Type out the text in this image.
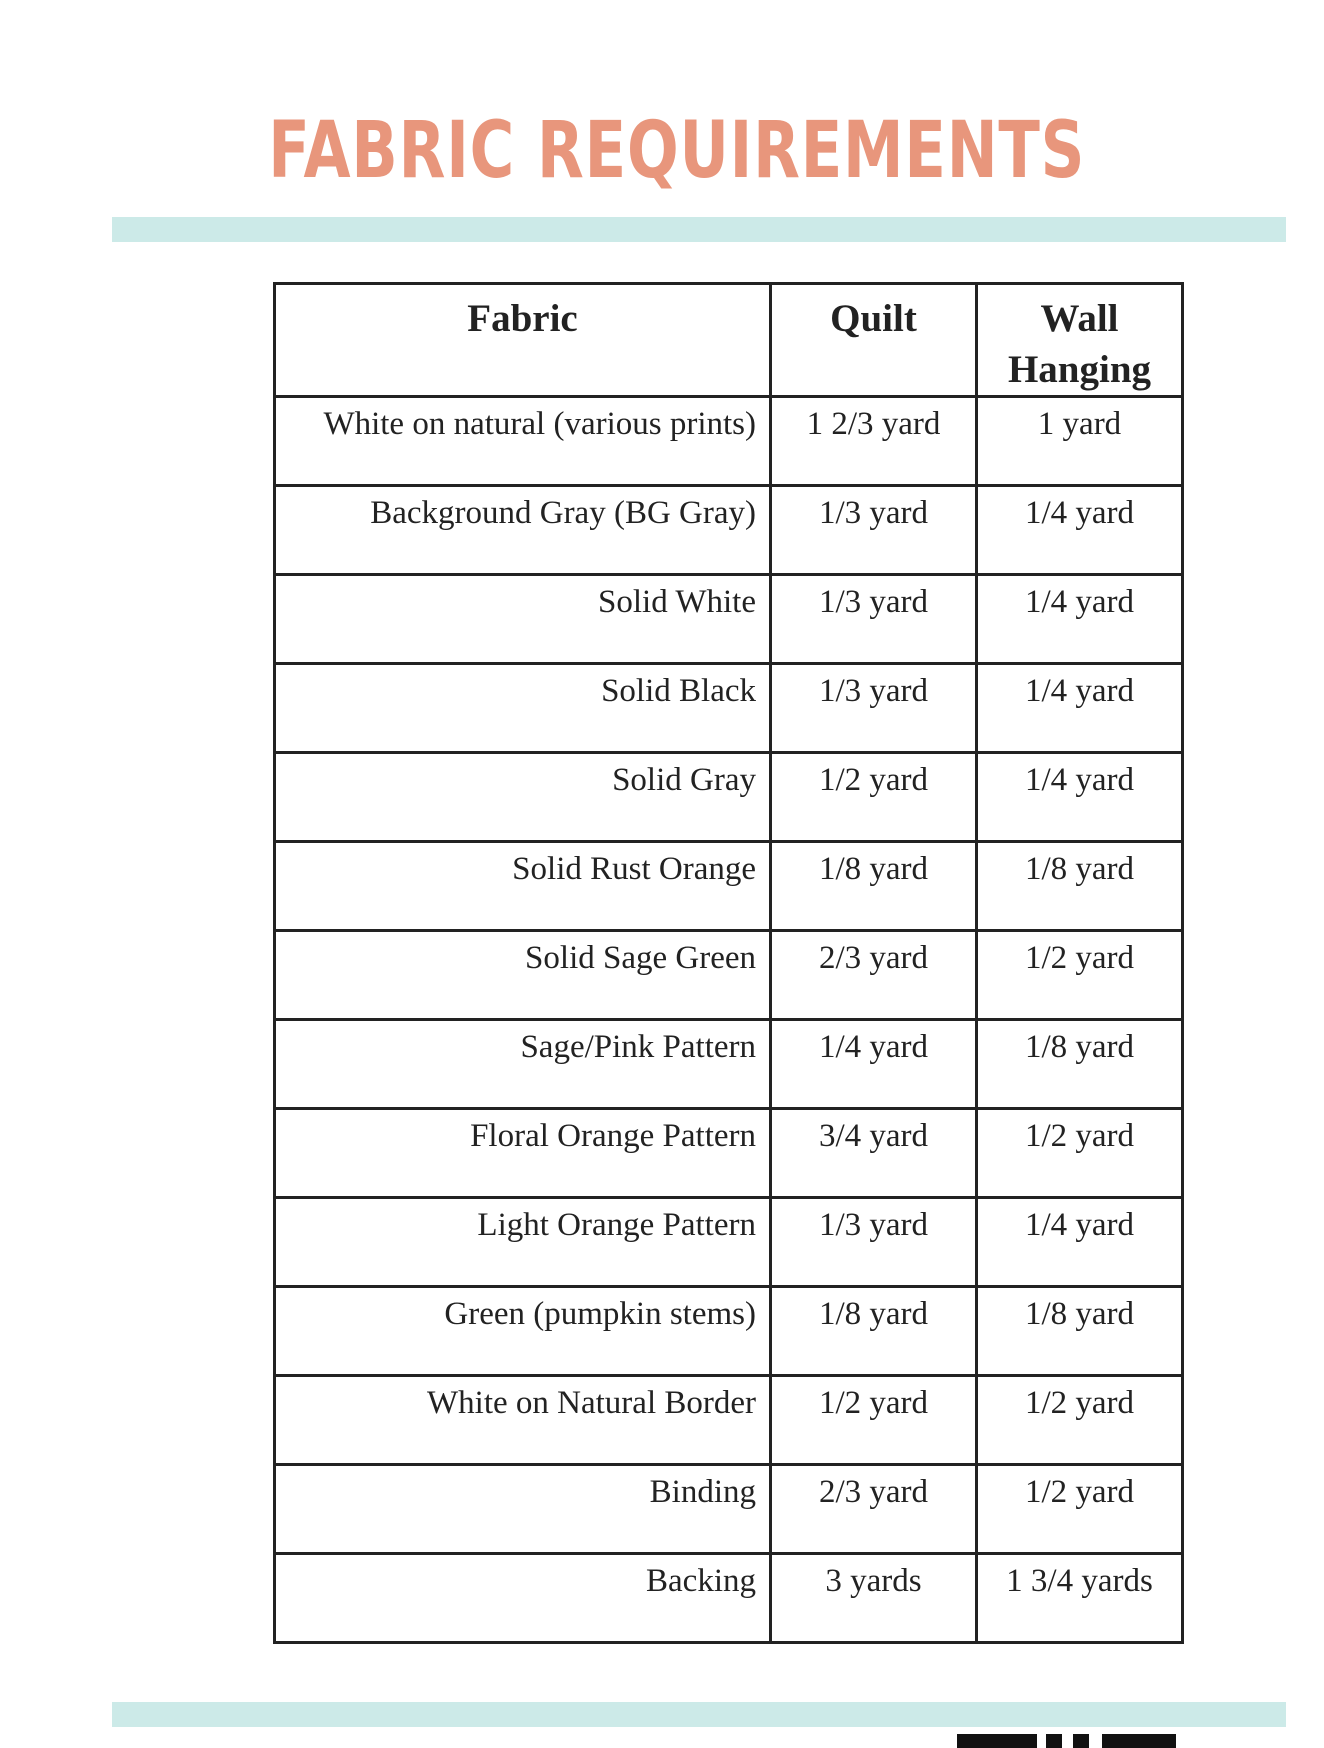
FABRIC REQUIREMENTS
Fabric	Quilt	Wall Hanging
White on natural (various prints)	1 2/3 yard	1 yard
Background Gray (BG Gray)	1/3 yard	1/4 yard
Solid White	1/3 yard	1/4 yard
Solid Black	1/3 yard	1/4 yard
Solid Gray	1/2 yard	1/4 yard
Solid Rust Orange	1/8 yard	1/8 yard
Solid Sage Green	2/3 yard	1/2 yard
Sage/Pink Pattern	1/4 yard	1/8 yard
Floral Orange Pattern	3/4 yard	1/2 yard
Light Orange Pattern	1/3 yard	1/4 yard
Green (pumpkin stems)	1/8 yard	1/8 yard
White on Natural Border	1/2 yard	1/2 yard
Binding	2/3 yard	1/2 yard
Backing	3 yards	1 3/4 yards
